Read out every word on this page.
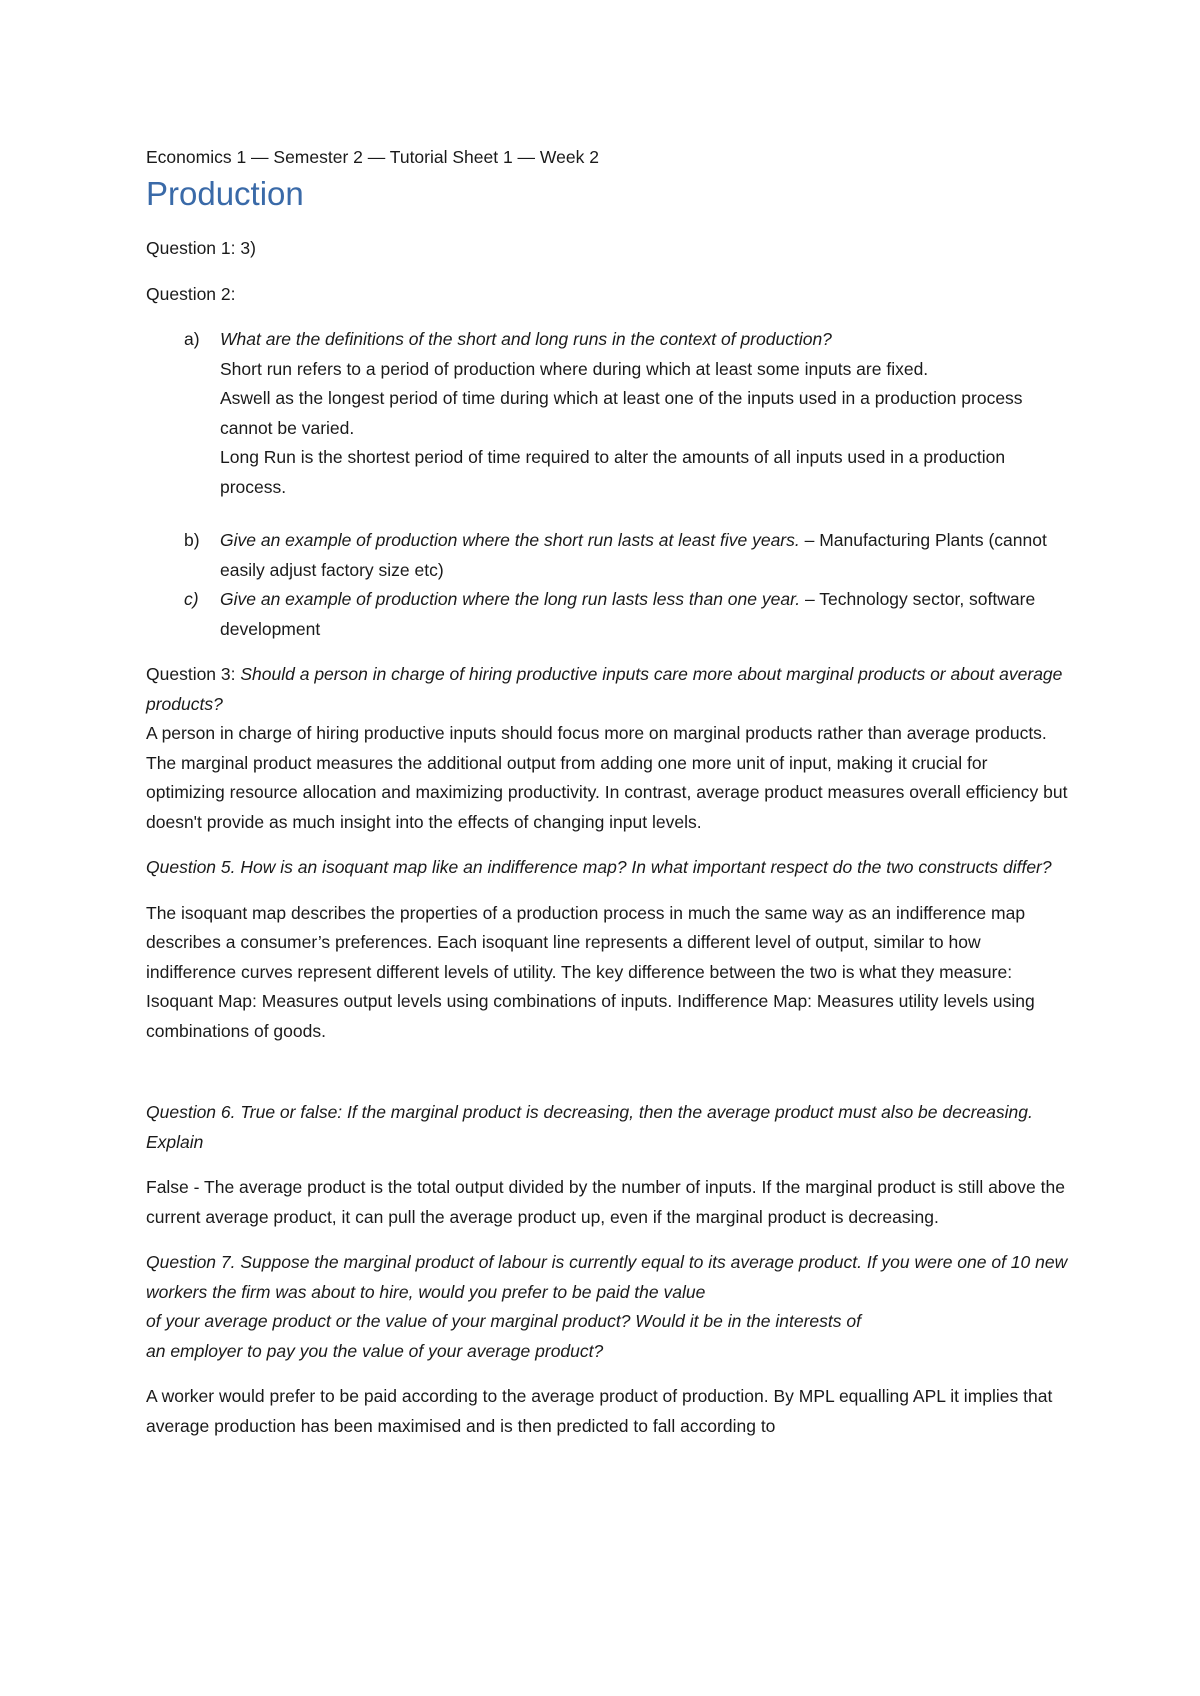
Economics 1 — Semester 2 — Tutorial Sheet 1 — Week 2
Production

Question 1: 3)

Question 2:

a)	What are the definitions of the short and long runs in the context of production?
Short run refers to a period of production where during which at least some inputs are fixed.
Aswell as the longest period of time during which at least one of the inputs used in a production process cannot be varied.
Long Run is the shortest period of time required to alter the amounts of all inputs used in a production process.
b)	Give an example of production where the short run lasts at least five years. – Manufacturing Plants (cannot easily adjust factory size etc)
c)	Give an example of production where the long run lasts less than one year. – Technology sector, software development

Question 3: Should a person in charge of hiring productive inputs care more about marginal products or about average products?

A person in charge of hiring productive inputs should focus more on marginal products rather than average products. The marginal product measures the additional output from adding one more unit of input, making it crucial for optimizing resource allocation and maximizing productivity. In contrast, average product measures overall efficiency but doesn't provide as much insight into the effects of changing input levels.

Question 5. How is an isoquant map like an indifference map? In what important respect do the two constructs differ?

The isoquant map describes the properties of a production process in much the same way as an indifference map describes a consumer’s preferences. Each isoquant line represents a different level of output, similar to how indifference curves represent different levels of utility. The key difference between the two is what they measure: Isoquant Map: Measures output levels using combinations of inputs. Indifference Map: Measures utility levels using combinations of goods.

Question 6. True or false: If the marginal product is decreasing, then the average product must also be decreasing. Explain

False - The average product is the total output divided by the number of inputs. If the marginal product is still above the current average product, it can pull the average product up, even if the marginal product is decreasing.

Question 7. Suppose the marginal product of labour is currently equal to its average product. If you were one of 10 new workers the firm was about to hire, would you prefer to be paid the value

of your average product or the value of your marginal product? Would it be in the interests of

an employer to pay you the value of your average product?

A worker would prefer to be paid according to the average product of production. By MPL equalling APL it implies that average production has been maximised and is then predicted to fall according to
